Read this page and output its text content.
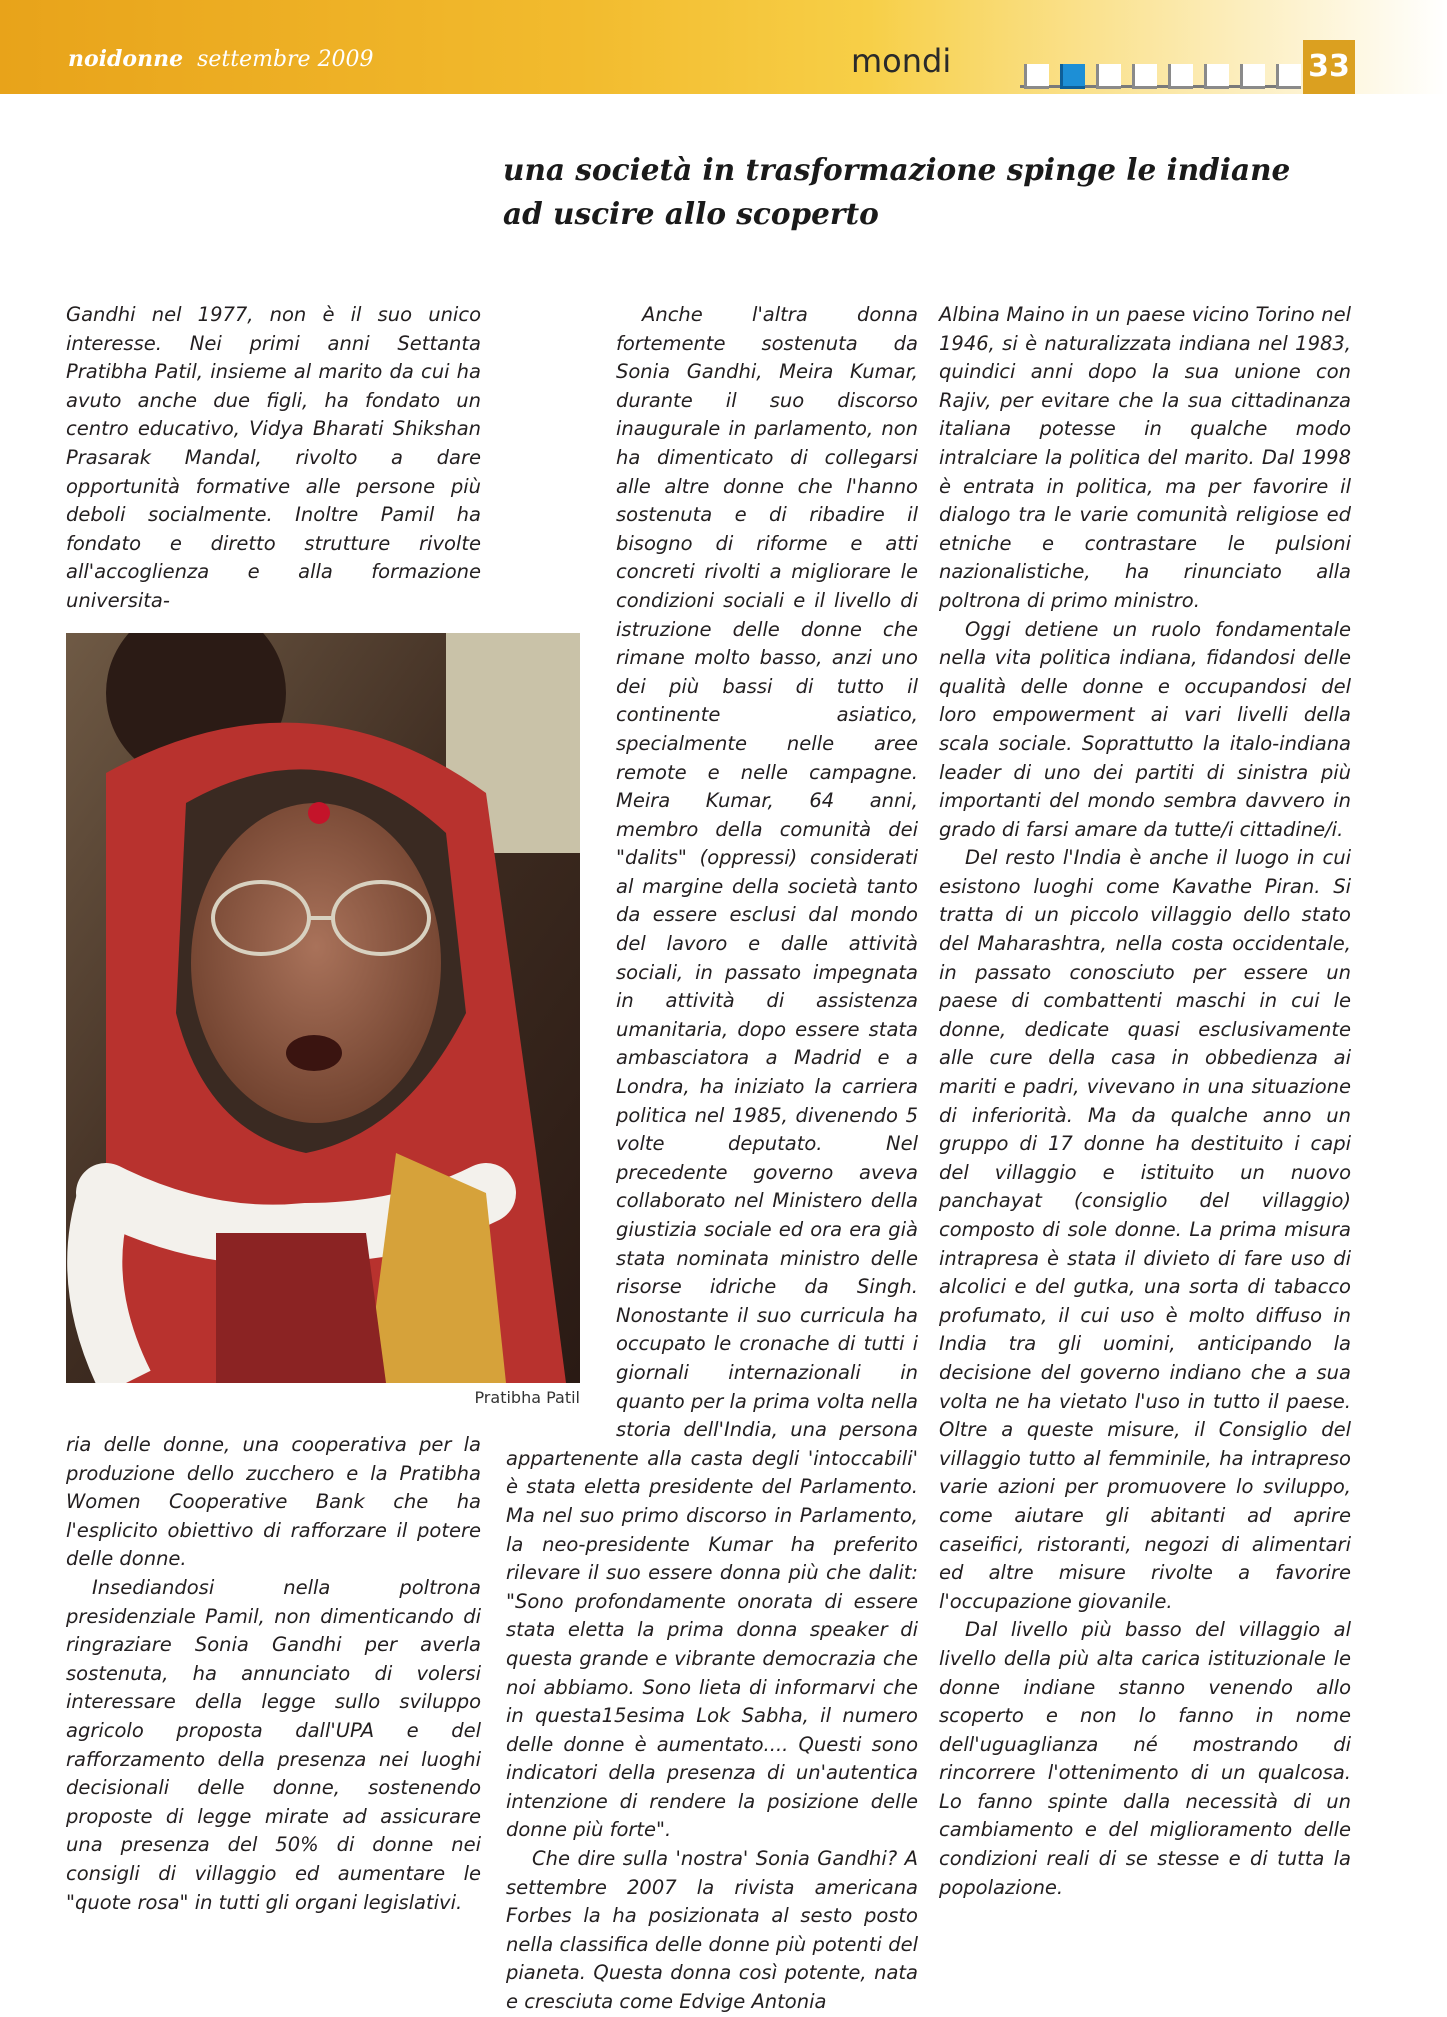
noidonne settembre 2009	mondi	33
una società in trasformazione spinge le indiane
ad uscire allo scoperto

Gandhi nel 1977, non è il suo unico interesse. Nei primi anni Settanta Pratibha Patil, insieme al marito da cui ha avuto anche due figli, ha fondato un centro educativo, Vidya Bharati Shikshan Prasarak Mandal, rivolto a dare opportunità formative alle persone più deboli socialmente. Inoltre Pamil ha fondato e diretto strutture rivolte all'accoglienza e alla formazione universita-

Pratibha Patil

ria delle donne, una cooperativa per la produzione dello zucchero e la Pratibha Women Cooperative Bank che ha l'esplicito obiettivo di rafforzare il potere delle donne.

Insediandosi nella poltrona presidenziale Pamil, non dimenticando di ringraziare Sonia Gandhi per averla sostenuta, ha annunciato di volersi interessare della legge sullo sviluppo agricolo proposta dall'UPA e del rafforzamento della presenza nei luoghi decisionali delle donne, sostenendo proposte di legge mirate ad assicurare una presenza del 50% di donne nei consigli di villaggio ed aumentare le "quote rosa" in tutti gli organi legislativi.

Anche l'altra donna fortemente sostenuta da Sonia Gandhi, Meira Kumar, durante il suo discorso inaugurale in parlamento, non ha dimenticato di collegarsi alle altre donne che l'hanno sostenuta e di ribadire il bisogno di riforme e atti concreti rivolti a migliorare le condizioni sociali e il livello di istruzione delle donne che rimane molto basso, anzi uno dei più bassi di tutto il continente asiatico, specialmente nelle aree remote e nelle campagne. Meira Kumar, 64 anni, membro della comunità dei "dalits" (oppressi) considerati al margine della società tanto da essere esclusi dal mondo del lavoro e dalle attività sociali, in passato impegnata in attività di assistenza umanitaria, dopo essere stata ambasciatora a Madrid e a Londra, ha iniziato la carriera politica nel 1985, divenendo 5 volte deputato. Nel precedente governo aveva collaborato nel Ministero della giustizia sociale ed ora era già stata nominata ministro delle risorse idriche da Singh. Nonostante il suo curricula ha occupato le cronache di tutti i giornali internazionali in quanto per la prima volta nella storia dell'India, una persona appartenente alla casta degli 'intoccabili' è stata eletta presidente del Parlamento. Ma nel suo primo discorso in Parlamento, la neo-presidente Kumar ha preferito rilevare il suo essere donna più che dalit: "Sono profondamente onorata di essere stata eletta la prima donna speaker di questa grande e vibrante democrazia che noi abbiamo. Sono lieta di informarvi che in questa15esima Lok Sabha, il numero delle donne è aumentato.... Questi sono indicatori della presenza di un'autentica intenzione di rendere la posizione delle donne più forte".

Che dire sulla 'nostra' Sonia Gandhi? A settembre 2007 la rivista americana Forbes la ha posizionata al sesto posto nella classifica delle donne più potenti del pianeta. Questa donna così potente, nata e cresciuta come Edvige Antonia

Albina Maino in un paese vicino Torino nel 1946, si è naturalizzata indiana nel 1983, quindici anni dopo la sua unione con Rajiv, per evitare che la sua cittadinanza italiana potesse in qualche modo intralciare la politica del marito. Dal 1998 è entrata in politica, ma per favorire il dialogo tra le varie comunità religiose ed etniche e contrastare le pulsioni nazionalistiche, ha rinunciato alla poltrona di primo ministro.

Oggi detiene un ruolo fondamentale nella vita politica indiana, fidandosi delle qualità delle donne e occupandosi del loro empowerment ai vari livelli della scala sociale. Soprattutto la italo-indiana leader di uno dei partiti di sinistra più importanti del mondo sembra davvero in grado di farsi amare da tutte/i cittadine/i.

Del resto l'India è anche il luogo in cui esistono luoghi come Kavathe Piran. Si tratta di un piccolo villaggio dello stato del Maharashtra, nella costa occidentale, in passato conosciuto per essere un paese di combattenti maschi in cui le donne, dedicate quasi esclusivamente alle cure della casa in obbedienza ai mariti e padri, vivevano in una situazione di inferiorità. Ma da qualche anno un gruppo di 17 donne ha destituito i capi del villaggio e istituito un nuovo panchayat (consiglio del villaggio) composto di sole donne. La prima misura intrapresa è stata il divieto di fare uso di alcolici e del gutka, una sorta di tabacco profumato, il cui uso è molto diffuso in India tra gli uomini, anticipando la decisione del governo indiano che a sua volta ne ha vietato l'uso in tutto il paese. Oltre a queste misure, il Consiglio del villaggio tutto al femminile, ha intrapreso varie azioni per promuovere lo sviluppo, come aiutare gli abitanti ad aprire caseifici, ristoranti, negozi di alimentari ed altre misure rivolte a favorire l'occupazione giovanile.

Dal livello più basso del villaggio al livello della più alta carica istituzionale le donne indiane stanno venendo allo scoperto e non lo fanno in nome dell'uguaglianza né mostrando di rincorrere l'ottenimento di un qualcosa. Lo fanno spinte dalla necessità di un cambiamento e del miglioramento delle condizioni reali di se stesse e di tutta la popolazione.
